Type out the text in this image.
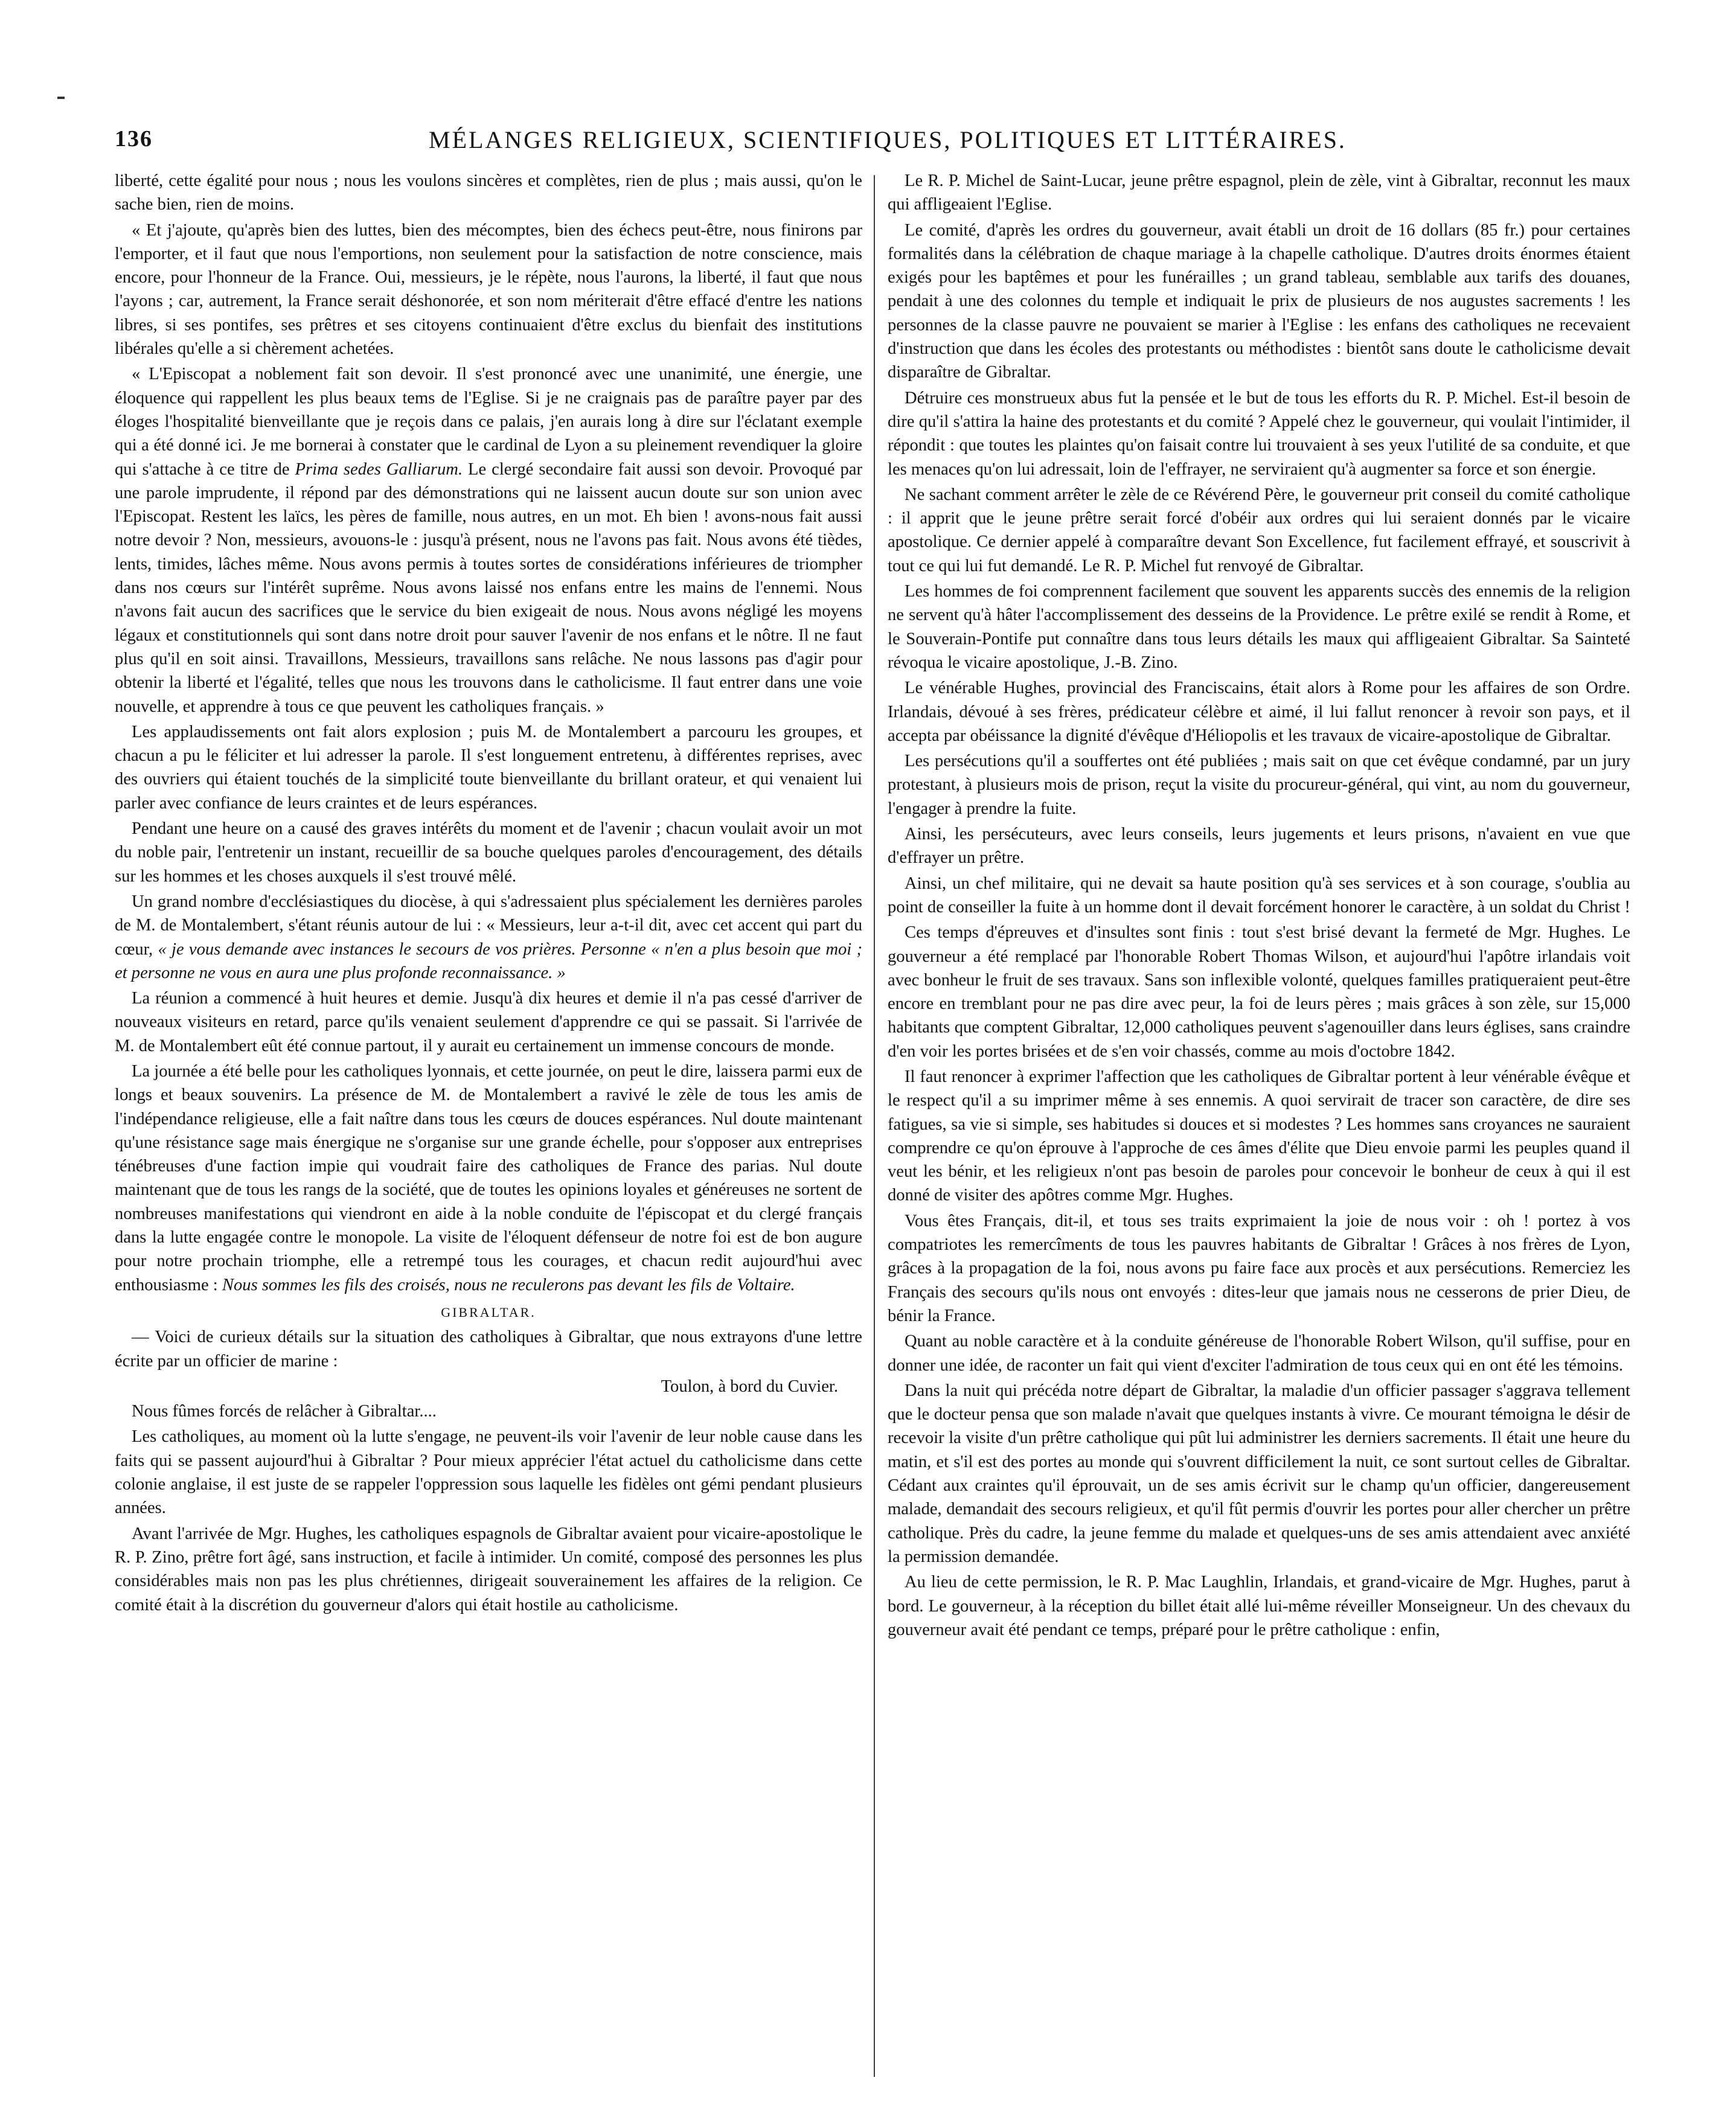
136	MÉLANGES RELIGIEUX, SCIENTIFIQUES, POLITIQUES ET LITTÉRAIRES.

liberté, cette égalité pour nous ; nous les voulons sincères et complètes, rien de plus ; mais aussi, qu'on le sache bien, rien de moins.

« Et j'ajoute, qu'après bien des luttes, bien des mécomptes, bien des échecs peut-être, nous finirons par l'emporter, et il faut que nous l'emportions, non seulement pour la satisfaction de notre conscience, mais encore, pour l'honneur de la France. Oui, messieurs, je le répète, nous l'aurons, la liberté, il faut que nous l'ayons ; car, autrement, la France serait déshonorée, et son nom mériterait d'être effacé d'entre les nations libres, si ses pontifes, ses prêtres et ses citoyens continuaient d'être exclus du bienfait des institutions libérales qu'elle a si chèrement achetées.

« L'Episcopat a noblement fait son devoir. Il s'est prononcé avec une unanimité, une énergie, une éloquence qui rappellent les plus beaux tems de l'Eglise. Si je ne craignais pas de paraître payer par des éloges l'hospitalité bienveillante que je reçois dans ce palais, j'en aurais long à dire sur l'éclatant exemple qui a été donné ici. Je me bornerai à constater que le cardinal de Lyon a su pleinement revendiquer la gloire qui s'attache à ce titre de Prima sedes Galliarum. Le clergé secondaire fait aussi son devoir. Provoqué par une parole imprudente, il répond par des démonstrations qui ne laissent aucun doute sur son union avec l'Episcopat. Restent les laïcs, les pères de famille, nous autres, en un mot. Eh bien ! avons-nous fait aussi notre devoir ? Non, messieurs, avouons-le : jusqu'à présent, nous ne l'avons pas fait. Nous avons été tièdes, lents, timides, lâches même. Nous avons permis à toutes sortes de considérations inférieures de triompher dans nos cœurs sur l'intérêt suprême. Nous avons laissé nos enfans entre les mains de l'ennemi. Nous n'avons fait aucun des sacrifices que le service du bien exigeait de nous. Nous avons négligé les moyens légaux et constitutionnels qui sont dans notre droit pour sauver l'avenir de nos enfans et le nôtre. Il ne faut plus qu'il en soit ainsi. Travaillons, Messieurs, travaillons sans relâche. Ne nous lassons pas d'agir pour obtenir la liberté et l'égalité, telles que nous les trouvons dans le catholicisme. Il faut entrer dans une voie nouvelle, et apprendre à tous ce que peuvent les catholiques français. »

Les applaudissements ont fait alors explosion ; puis M. de Montalembert a parcouru les groupes, et chacun a pu le féliciter et lui adresser la parole. Il s'est longuement entretenu, à différentes reprises, avec des ouvriers qui étaient touchés de la simplicité toute bienveillante du brillant orateur, et qui venaient lui parler avec confiance de leurs craintes et de leurs espérances.

Pendant une heure on a causé des graves intérêts du moment et de l'avenir ; chacun voulait avoir un mot du noble pair, l'entretenir un instant, recueillir de sa bouche quelques paroles d'encouragement, des détails sur les hommes et les choses auxquels il s'est trouvé mêlé.

Un grand nombre d'ecclésiastiques du diocèse, à qui s'adressaient plus spécialement les dernières paroles de M. de Montalembert, s'étant réunis autour de lui : « Messieurs, leur a-t-il dit, avec cet accent qui part du cœur, « je vous demande avec instances le secours de vos prières. Personne « n'en a plus besoin que moi ; et personne ne vous en aura une plus profonde reconnaissance. »

La réunion a commencé à huit heures et demie. Jusqu'à dix heures et demie il n'a pas cessé d'arriver de nouveaux visiteurs en retard, parce qu'ils venaient seulement d'apprendre ce qui se passait. Si l'arrivée de M. de Montalembert eût été connue partout, il y aurait eu certainement un immense concours de monde.

La journée a été belle pour les catholiques lyonnais, et cette journée, on peut le dire, laissera parmi eux de longs et beaux souvenirs. La présence de M. de Montalembert a ravivé le zèle de tous les amis de l'indépendance religieuse, elle a fait naître dans tous les cœurs de douces espérances. Nul doute maintenant qu'une résistance sage mais énergique ne s'organise sur une grande échelle, pour s'opposer aux entreprises ténébreuses d'une faction impie qui voudrait faire des catholiques de France des parias. Nul doute maintenant que de tous les rangs de la société, que de toutes les opinions loyales et généreuses ne sortent de nombreuses manifestations qui viendront en aide à la noble conduite de l'épiscopat et du clergé français dans la lutte engagée contre le monopole. La visite de l'éloquent défenseur de notre foi est de bon augure pour notre prochain triomphe, elle a retrempé tous les courages, et chacun redit aujourd'hui avec enthousiasme : Nous sommes les fils des croisés, nous ne reculerons pas devant les fils de Voltaire.

GIBRALTAR.

— Voici de curieux détails sur la situation des catholiques à Gibraltar, que nous extrayons d'une lettre écrite par un officier de marine :

Toulon, à bord du Cuvier.

Nous fûmes forcés de relâcher à Gibraltar....

Les catholiques, au moment où la lutte s'engage, ne peuvent-ils voir l'avenir de leur noble cause dans les faits qui se passent aujourd'hui à Gibraltar ? Pour mieux apprécier l'état actuel du catholicisme dans cette colonie anglaise, il est juste de se rappeler l'oppression sous laquelle les fidèles ont gémi pendant plusieurs années.

Avant l'arrivée de Mgr. Hughes, les catholiques espagnols de Gibraltar avaient pour vicaire-apostolique le R. P. Zino, prêtre fort âgé, sans instruction, et facile à intimider. Un comité, composé des personnes les plus considérables mais non pas les plus chrétiennes, dirigeait souverainement les affaires de la religion. Ce comité était à la discrétion du gouverneur d'alors qui était hostile au catholicisme.

Le R. P. Michel de Saint-Lucar, jeune prêtre espagnol, plein de zèle, vint à Gibraltar, reconnut les maux qui affligeaient l'Eglise.

Le comité, d'après les ordres du gouverneur, avait établi un droit de 16 dollars (85 fr.) pour certaines formalités dans la célébration de chaque mariage à la chapelle catholique. D'autres droits énormes étaient exigés pour les baptêmes et pour les funérailles ; un grand tableau, semblable aux tarifs des douanes, pendait à une des colonnes du temple et indiquait le prix de plusieurs de nos augustes sacrements ! les personnes de la classe pauvre ne pouvaient se marier à l'Eglise : les enfans des catholiques ne recevaient d'instruction que dans les écoles des protestants ou méthodistes : bientôt sans doute le catholicisme devait disparaître de Gibraltar.

Détruire ces monstrueux abus fut la pensée et le but de tous les efforts du R. P. Michel. Est-il besoin de dire qu'il s'attira la haine des protestants et du comité ? Appelé chez le gouverneur, qui voulait l'intimider, il répondit : que toutes les plaintes qu'on faisait contre lui trouvaient à ses yeux l'utilité de sa conduite, et que les menaces qu'on lui adressait, loin de l'effrayer, ne serviraient qu'à augmenter sa force et son énergie.

Ne sachant comment arrêter le zèle de ce Révérend Père, le gouverneur prit conseil du comité catholique : il apprit que le jeune prêtre serait forcé d'obéir aux ordres qui lui seraient donnés par le vicaire apostolique. Ce dernier appelé à comparaître devant Son Excellence, fut facilement effrayé, et souscrivit à tout ce qui lui fut demandé. Le R. P. Michel fut renvoyé de Gibraltar.

Les hommes de foi comprennent facilement que souvent les apparents succès des ennemis de la religion ne servent qu'à hâter l'accomplissement des desseins de la Providence. Le prêtre exilé se rendit à Rome, et le Souverain-Pontife put connaître dans tous leurs détails les maux qui affligeaient Gibraltar. Sa Sainteté révoqua le vicaire apostolique, J.-B. Zino.

Le vénérable Hughes, provincial des Franciscains, était alors à Rome pour les affaires de son Ordre. Irlandais, dévoué à ses frères, prédicateur célèbre et aimé, il lui fallut renoncer à revoir son pays, et il accepta par obéissance la dignité d'évêque d'Héliopolis et les travaux de vicaire-apostolique de Gibraltar.

Les persécutions qu'il a souffertes ont été publiées ; mais sait on que cet évêque condamné, par un jury protestant, à plusieurs mois de prison, reçut la visite du procureur-général, qui vint, au nom du gouverneur, l'engager à prendre la fuite.

Ainsi, les persécuteurs, avec leurs conseils, leurs jugements et leurs prisons, n'avaient en vue que d'effrayer un prêtre.

Ainsi, un chef militaire, qui ne devait sa haute position qu'à ses services et à son courage, s'oublia au point de conseiller la fuite à un homme dont il devait forcément honorer le caractère, à un soldat du Christ !

Ces temps d'épreuves et d'insultes sont finis : tout s'est brisé devant la fermeté de Mgr. Hughes. Le gouverneur a été remplacé par l'honorable Robert Thomas Wilson, et aujourd'hui l'apôtre irlandais voit avec bonheur le fruit de ses travaux. Sans son inflexible volonté, quelques familles pratiqueraient peut-être encore en tremblant pour ne pas dire avec peur, la foi de leurs pères ; mais grâces à son zèle, sur 15,000 habitants que comptent Gibraltar, 12,000 catholiques peuvent s'agenouiller dans leurs églises, sans craindre d'en voir les portes brisées et de s'en voir chassés, comme au mois d'octobre 1842.

Il faut renoncer à exprimer l'affection que les catholiques de Gibraltar portent à leur vénérable évêque et le respect qu'il a su imprimer même à ses ennemis. A quoi servirait de tracer son caractère, de dire ses fatigues, sa vie si simple, ses habitudes si douces et si modestes ? Les hommes sans croyances ne sauraient comprendre ce qu'on éprouve à l'approche de ces âmes d'élite que Dieu envoie parmi les peuples quand il veut les bénir, et les religieux n'ont pas besoin de paroles pour concevoir le bonheur de ceux à qui il est donné de visiter des apôtres comme Mgr. Hughes.

Vous êtes Français, dit-il, et tous ses traits exprimaient la joie de nous voir : oh ! portez à vos compatriotes les remercîments de tous les pauvres habitants de Gibraltar ! Grâces à nos frères de Lyon, grâces à la propagation de la foi, nous avons pu faire face aux procès et aux persécutions. Remerciez les Français des secours qu'ils nous ont envoyés : dites-leur que jamais nous ne cesserons de prier Dieu, de bénir la France.

Quant au noble caractère et à la conduite généreuse de l'honorable Robert Wilson, qu'il suffise, pour en donner une idée, de raconter un fait qui vient d'exciter l'admiration de tous ceux qui en ont été les témoins.

Dans la nuit qui précéda notre départ de Gibraltar, la maladie d'un officier passager s'aggrava tellement que le docteur pensa que son malade n'avait que quelques instants à vivre. Ce mourant témoigna le désir de recevoir la visite d'un prêtre catholique qui pût lui administrer les derniers sacrements. Il était une heure du matin, et s'il est des portes au monde qui s'ouvrent difficilement la nuit, ce sont surtout celles de Gibraltar. Cédant aux craintes qu'il éprouvait, un de ses amis écrivit sur le champ qu'un officier, dangereusement malade, demandait des secours religieux, et qu'il fût permis d'ouvrir les portes pour aller chercher un prêtre catholique. Près du cadre, la jeune femme du malade et quelques-uns de ses amis attendaient avec anxiété la permission demandée.

Au lieu de cette permission, le R. P. Mac Laughlin, Irlandais, et grand-vicaire de Mgr. Hughes, parut à bord. Le gouverneur, à la réception du billet était allé lui-même réveiller Monseigneur. Un des chevaux du gouverneur avait été pendant ce temps, préparé pour le prêtre catholique : enfin,
